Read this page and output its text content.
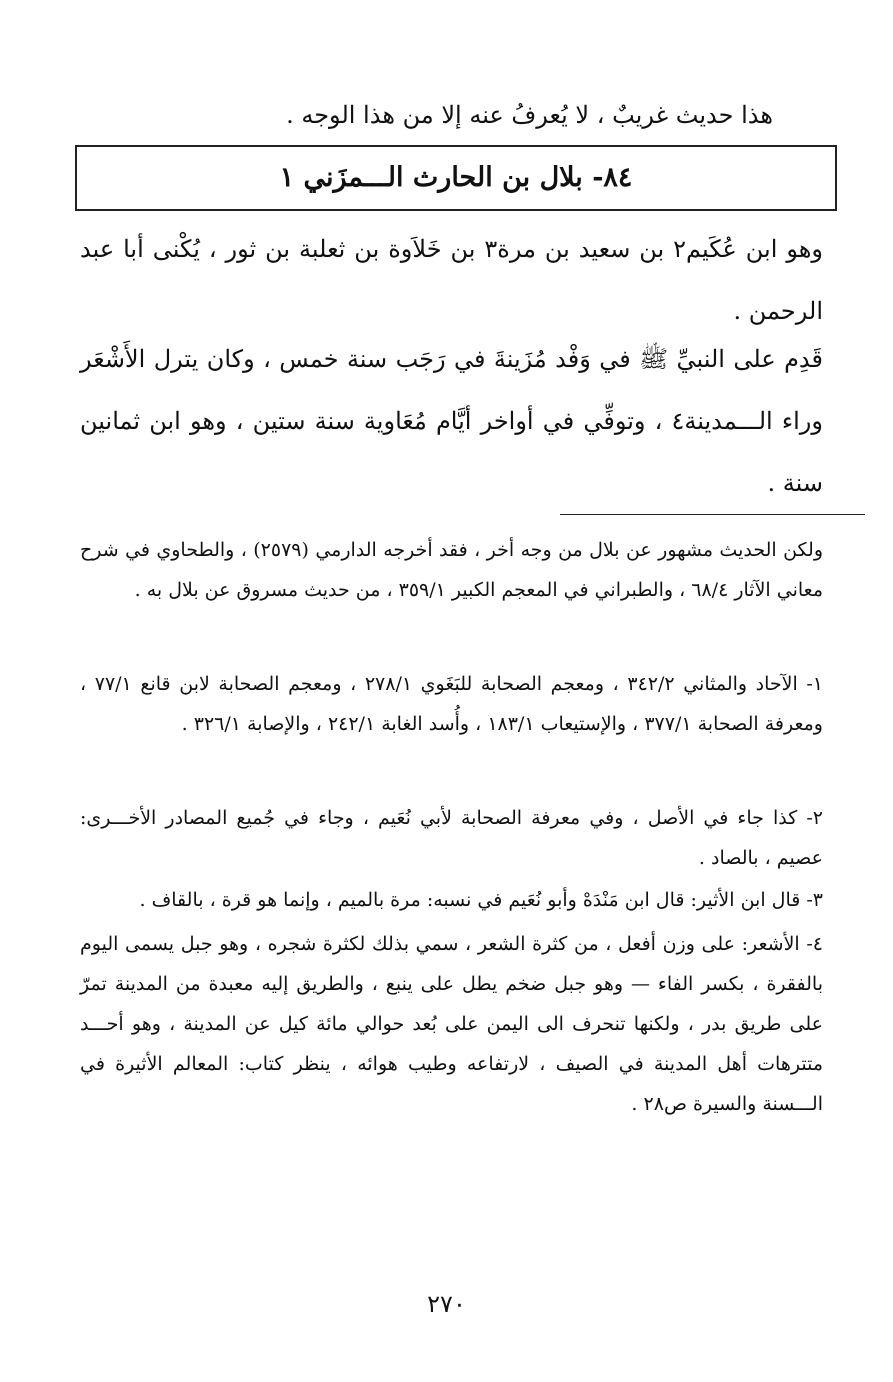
هذا حديث غريبٌ ، لا يُعرفُ عنه إلا من هذا الوجه .
٨٤- بلال بن الحارث الـــمزَني ١
وهو ابن عُكَيم٢ بن سعيد بن مرة٣ بن خَلاَوة بن ثعلبة بن ثور ، يُكْنى أبا عبد الرحمن .
قَدِم على النبيِّ ﷺ في وَفْد مُزَينةَ في رَجَب سنة خمس ، وكان يترل الأَشْعَر وراء الـــمدينة٤ ، وتوفِّي في أواخر أيَّام مُعَاوية سنة ستين ، وهو ابن ثمانين سنة .
ولكن الحديث مشهور عن بلال من وجه أخر ، فقد أخرجه الدارمي (٢٥٧٩) ، والطحاوي في شرح معاني الآثار ٦٨/٤ ، والطبراني في المعجم الكبير ٣٥٩/١ ، من حديث مسروق عن بلال به .
١- الآحاد والمثاني ٣٤٢/٢ ، ومعجم الصحابة للبَغَوي ٢٧٨/١ ، ومعجم الصحابة لابن قانع ٧٧/١ ، ومعرفة الصحابة ٣٧٧/١ ، والإستيعاب ١٨٣/١ ، وأُسد الغابة ٢٤٢/١ ، والإصابة ٣٢٦/١ .
٢- كذا جاء في الأصل ، وفي معرفة الصحابة لأبي نُعَيم ، وجاء في جُميع المصادر الأخـــرى: عصيم ، بالصاد .
٣- قال ابن الأثير: قال ابن مَنْدَهْ وأبو نُعَيم في نسبه: مرة بالميم ، وإنما هو قرة ، بالقاف .
٤- الأشعر: على وزن أفعل ، من كثرة الشعر ، سمي بذلك لكثرة شجره ، وهو جبل يسمى اليوم بالفقرة ، بكسر الفاء — وهو جبل ضخم يطل على ينبع ، والطريق إليه معبدة من المدينة تمرّ على طريق بدر ، ولكنها تنحرف الى اليمن على بُعد حوالي مائة كيل عن المدينة ، وهو أحـــد متترهات أهل المدينة في الصيف ، لارتفاعه وطيب هوائه ، ينظر كتاب: المعالم الأثيرة في الـــسنة والسيرة ص٢٨ .
٢٧٠
